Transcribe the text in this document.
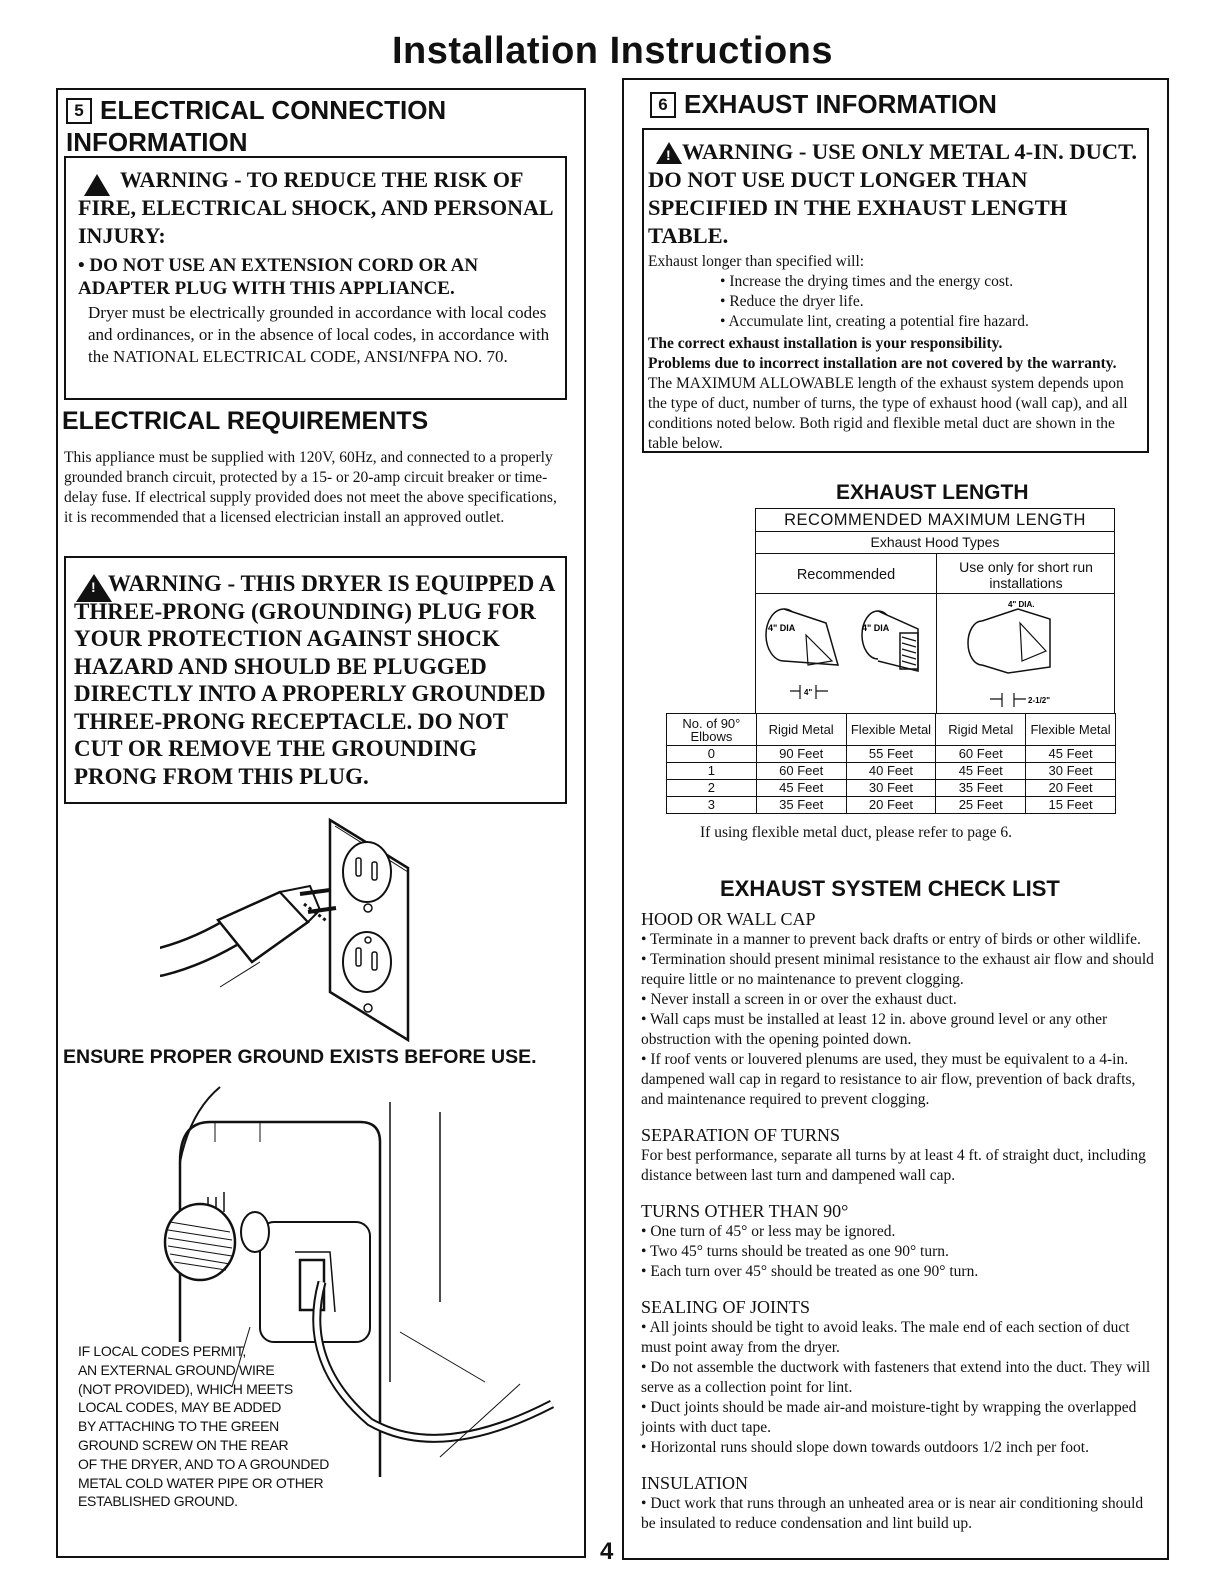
Installation Instructions
5 ELECTRICAL CONNECTION INFORMATION
!
WARNING - TO REDUCE THE RISK OF FIRE, ELECTRICAL SHOCK, AND PERSONAL INJURY:
• DO NOT USE AN EXTENSION CORD OR AN ADAPTER PLUG WITH THIS APPLIANCE.
Dryer must be electrically grounded in accordance with local codes and ordinances, or in the absence of local codes, in accordance with the NATIONAL ELECTRICAL CODE, ANSI/NFPA NO. 70.
ELECTRICAL REQUIREMENTS
This appliance must be supplied with 120V, 60Hz, and connected to a properly grounded branch circuit, protected by a 15- or 20-amp circuit breaker or time-delay fuse. If electrical supply provided does not meet the above specifications, it is recommended that a licensed electrician install an approved outlet.
!
WARNING - THIS DRYER IS EQUIPPED A THREE-PRONG (GROUNDING) PLUG FOR YOUR PROTECTION AGAINST SHOCK HAZARD AND SHOULD BE PLUGGED DIRECTLY INTO A PROPERLY GROUNDED THREE-PRONG RECEPTACLE. DO NOT CUT OR REMOVE THE GROUNDING PRONG FROM THIS PLUG.
ENSURE PROPER GROUND EXISTS BEFORE USE.
IF LOCAL CODES PERMIT,
AN EXTERNAL GROUND WIRE
(NOT PROVIDED), WHICH MEETS
LOCAL CODES, MAY BE ADDED
BY ATTACHING TO THE GREEN
GROUND SCREW ON THE REAR
OF THE DRYER, AND TO A GROUNDED
METAL COLD WATER PIPE OR OTHER
ESTABLISHED GROUND.
4
6 EXHAUST INFORMATION
!
WARNING - USE ONLY METAL 4-IN. DUCT. DO NOT USE DUCT LONGER THAN SPECIFIED IN THE EXHAUST LENGTH TABLE.
Exhaust longer than specified will:
• Increase the drying times and the energy cost.
• Reduce the dryer life.
• Accumulate lint, creating a potential fire hazard.
The correct exhaust installation is your responsibility.
Problems due to incorrect installation are not covered by the warranty.
The MAXIMUM ALLOWABLE length of the exhaust system depends upon the type of duct, number of turns, the type of exhaust hood (wall cap), and all conditions noted below. Both rigid and flexible metal duct are shown in the table below.
EXHAUST LENGTH
RECOMMENDED MAXIMUM LENGTH
Exhaust Hood Types
Recommended	Use only for short run installations
4" DIA
4"
4" DIA
4" DIA.
2-1/2"
No. of 90° Elbows	Rigid Metal	Flexible Metal	Rigid Metal	Flexible Metal
0	90 Feet	55 Feet	60 Feet	45 Feet
1	60 Feet	40 Feet	45 Feet	30 Feet
2	45 Feet	30 Feet	35 Feet	20 Feet
3	35 Feet	20 Feet	25 Feet	15 Feet
If using flexible metal duct, please refer to page 6.
EXHAUST SYSTEM CHECK LIST
HOOD OR WALL CAP

• Terminate in a manner to prevent back drafts or entry of birds or other wildlife.

• Termination should present minimal resistance to the exhaust air flow and should require little or no maintenance to prevent clogging.

• Never install a screen in or over the exhaust duct.

• Wall caps must be installed at least 12 in. above ground level or any other obstruction with the opening pointed down.

• If roof vents or louvered plenums are used, they must be equivalent to a 4-in. dampened wall cap in regard to resistance to air flow, prevention of back drafts, and maintenance required to prevent clogging.

SEPARATION OF TURNS

For best performance, separate all turns by at least 4 ft. of straight duct, including distance between last turn and dampened wall cap.

TURNS OTHER THAN 90°

• One turn of 45° or less may be ignored.

• Two 45° turns should be treated as one 90° turn.

• Each turn over 45° should be treated as one 90° turn.

SEALING OF JOINTS

• All joints should be tight to avoid leaks. The male end of each section of duct must point away from the dryer.

• Do not assemble the ductwork with fasteners that extend into the duct. They will serve as a collection point for lint.

• Duct joints should be made air-and moisture-tight by wrapping the overlapped joints with duct tape.

• Horizontal runs should slope down towards outdoors 1/2 inch per foot.

INSULATION

• Duct work that runs through an unheated area or is near air conditioning should be insulated to reduce condensation and lint build up.
